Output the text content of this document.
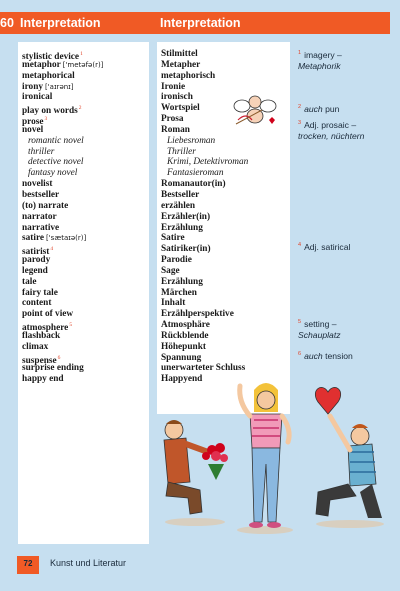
60 Interpretation	Interpretation
stylistic device$^1$
metaphor ['metəfə(r)]
metaphorical
irony ['aɪrənɪ]
ironical
play on words$^2$
prose$^3$
novel
romantic novel
thriller
detective novel
fantasy novel
novelist
bestseller
(to) narrate
narrator
narrative
satire ['sætaɪə(r)]
satirist$^4$
parody
legend
tale
fairy tale
content
point of view
atmosphere$^5$
flashback
climax
suspense$^6$
surprise ending
happy end
Stilmittel
Metapher
metaphorisch
Ironie
ironisch
Wortspiel
Prosa
Roman
Liebesroman
Thriller
Krimi, Detektivroman
Fantasieroman
Romanautor(in)
Bestseller
erzählen
Erzähler(in)
Erzählung
Satire
Satiriker(in)
Parodie
Sage
Erzählung
Märchen
Inhalt
Erzählperspektive
Atmosphäre
Rückblende
Höhepunkt
Spannung
unerwarteter Schluss
Happyend
$^1$ imagery –
Metaphorik
$^2$ auch pun
$^3$ Adj. prosaic –
trocken, nüchtern
$^4$ Adj. satirical
$^5$ setting –
Schauplatz
$^6$ auch tension
72	Kunst und Literatur
